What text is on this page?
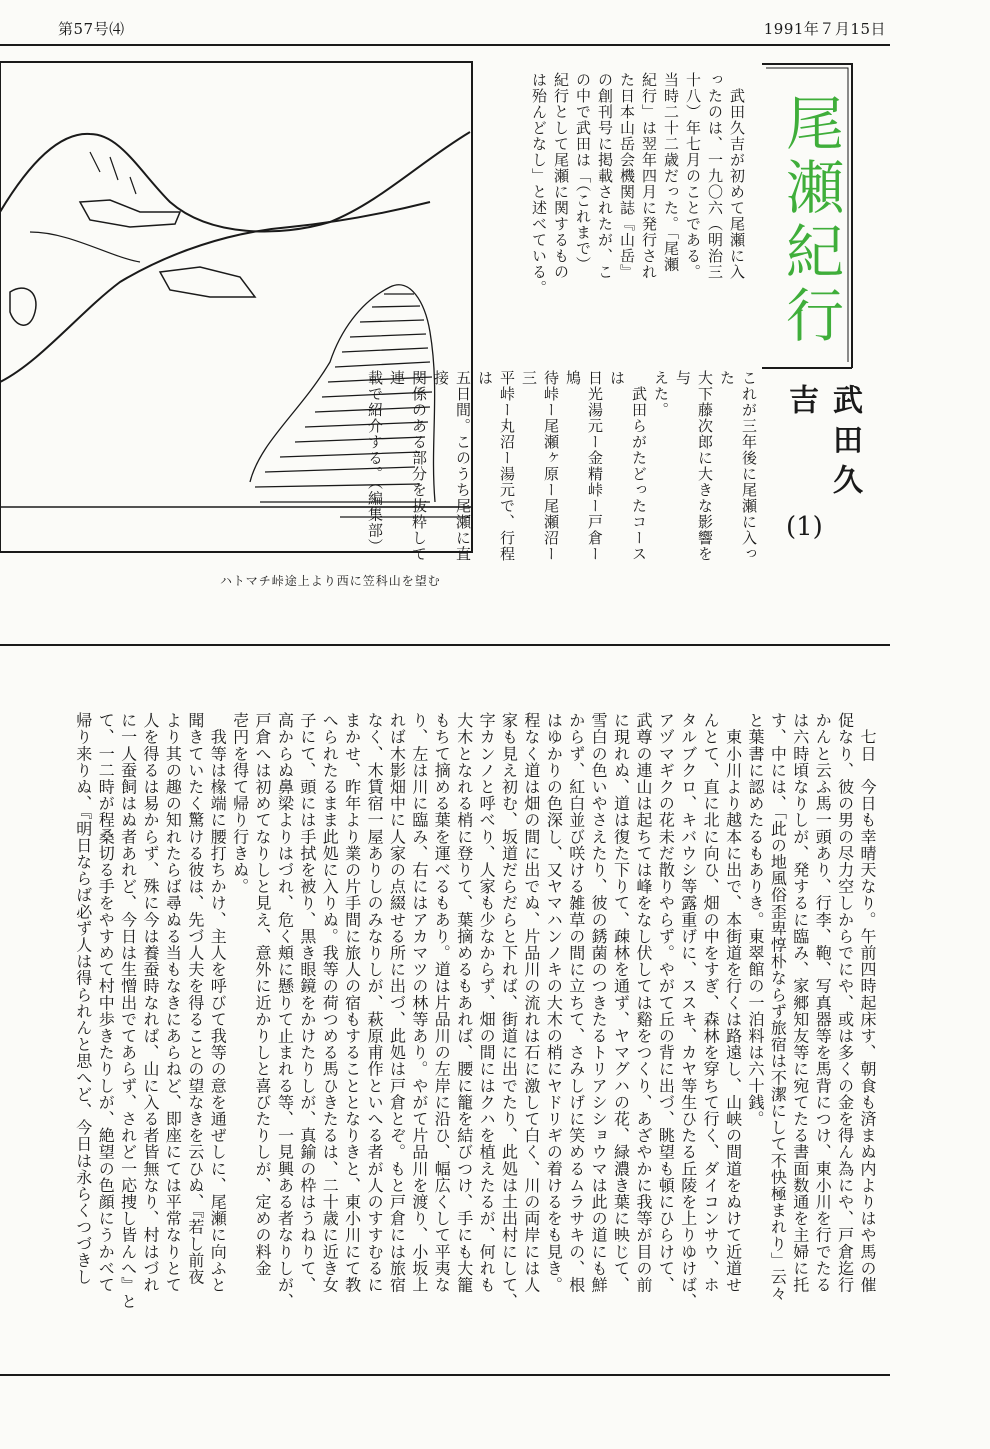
第57号⑷	1991年７月15日
ハトマチ峠途上より西に笠科山を望む
　武田久吉が初めて尾瀬に入
ったのは、一九〇六（明治三
十八）年七月のことである。
当時二十二歳だった。「尾瀬
紀行」は翌年四月に発行され
た日本山岳会機関誌『山岳』
の創刊号に掲載されたが、こ
の中で武田は「（これまで）
紀行として尾瀬に関するもの
は殆んどなし」と述べている。
これが三年後に尾瀬に入った
大下藤次郎に大きな影響を与
えた。
　武田らがたどったコースは
日光湯元ー金精峠ー戸倉ー鳩
待峠ー尾瀬ヶ原ー尾瀬沼ー三
平峠ー丸沼ー湯元で、行程は
五日間。このうち尾瀬に直接
関係のある部分を抜粋して連
載で紹介する。（編集部）
尾瀬紀行
武田久吉
(1)
　七日　今日も幸晴天なり。午前四時起床す、朝食も済まぬ内よりはや馬の催
促なり、彼の男の尽力空しからでにや、或は多くの金を得ん為にや、戸倉迄行
かんと云ふ馬一頭あり、行李、鞄、写真器等を馬背につけ、東小川を行でたる
は六時頃なりしが、発するに臨み、家郷知友等に宛てたる書面数通を主婦に托
す、中には、「此の地風俗歪卑惇朴ならず旅宿は不潔にして不快極まれり」云々
と葉書に認めたるもありき。東翠館の一泊料は六十銭。
　東小川より越本に出で、本街道を行くは路遠し、山峡の間道をぬけて近道せ
んとて、直に北に向ひ、畑の中をすぎ、森林を穿ちて行く、ダイコンサウ、ホ
タルブクロ、キバウシ等露重げに、ススキ、カヤ等生ひたる丘陵を上りゆけば、
アヅマギクの花未だ散りやらず。やがて丘の背に出づ、眺望も頓にひらけて、
武尊の連山は起ちては峰をなし伏しては谿をつくり、あざやかに我等が目の前
に現れぬ、道は復た下りて、疎林を通ず、ヤマグハの花、緑濃き葉に映じて、
雪白の色いやさえたり、彼の銹菌のつきたるトリアシショウマは此の道にも鮮
からず、紅白並び咲ける雑草の間に立ちて、さみしげに笑めるムラサキの、根
はゆかりの色深し、又ヤマハンノキの大木の梢にヤドリギの着けるをも見き。
程なく道は畑の間に出でぬ、片品川の流れは石に激して白く、川の両岸には人
家も見え初む、坂道だらだらと下れば、街道に出でたり、此処は土出村にして、
字カンノと呼べり、人家も少なからず、畑の間にはクハを植えたるが、何れも
大木となれる梢に登りて、葉摘めるもあれば、腰に籠を結びつけ、手にも大籠
もちて摘める葉を運べるもあり。道は片品川の左岸に沿ひ、幅広くして平夷な
り、左は川に臨み、右にはアカマツの林等あり。やがて片品川を渡り、小坂上
れば木影畑中に人家の点綴せる所に出づ、此処は戸倉とぞ。もと戸倉には旅宿
なく、木賃宿一屋ありしのみなりしが、萩原甫作といへる者が人のすすむるに
まかせ、昨年より業の片手間に旅人の宿もすることとなりきと、東小川にて教
へられたるまま此処に入りぬ。我等の荷つめる馬ひきたるは、二十歳に近き女
子にて、頭には手拭を被り、黒き眼鏡をかけたりしが、真鍮の枠はうねりて、
高からぬ鼻梁よりはづれ、危く頬に懸りて止まれる等、一見興ある者なりしが、
戸倉へは初めてなりしと見え、意外に近かりしと喜びたりしが、定めの料金
壱円を得て帰り行きぬ。
　我等は椽端に腰打ちかけ、主人を呼びて我等の意を通ぜしに、尾瀬に向ふと
聞きていたく驚ける彼は、先づ人夫を得ることの望なきを云ひぬ、『若し前夜
より其の趣の知れたらば尋ぬる当もなきにあらねど、即座にては平常なりとて
人を得るは易からず、殊に今は養蚕時なれば、山に入る者皆無なり、村はづれ
に一人蚕飼はぬ者あれど、今日は生憎出でてあらず、されど一応捜し皆んへ』と
て、一二時が程桑切る手をやすめて村中歩きたりしが、絶望の色顔にうかべて
帰り来りぬ、『明日ならば必ず人は得られんと思へど、今日は永らくつづきし
